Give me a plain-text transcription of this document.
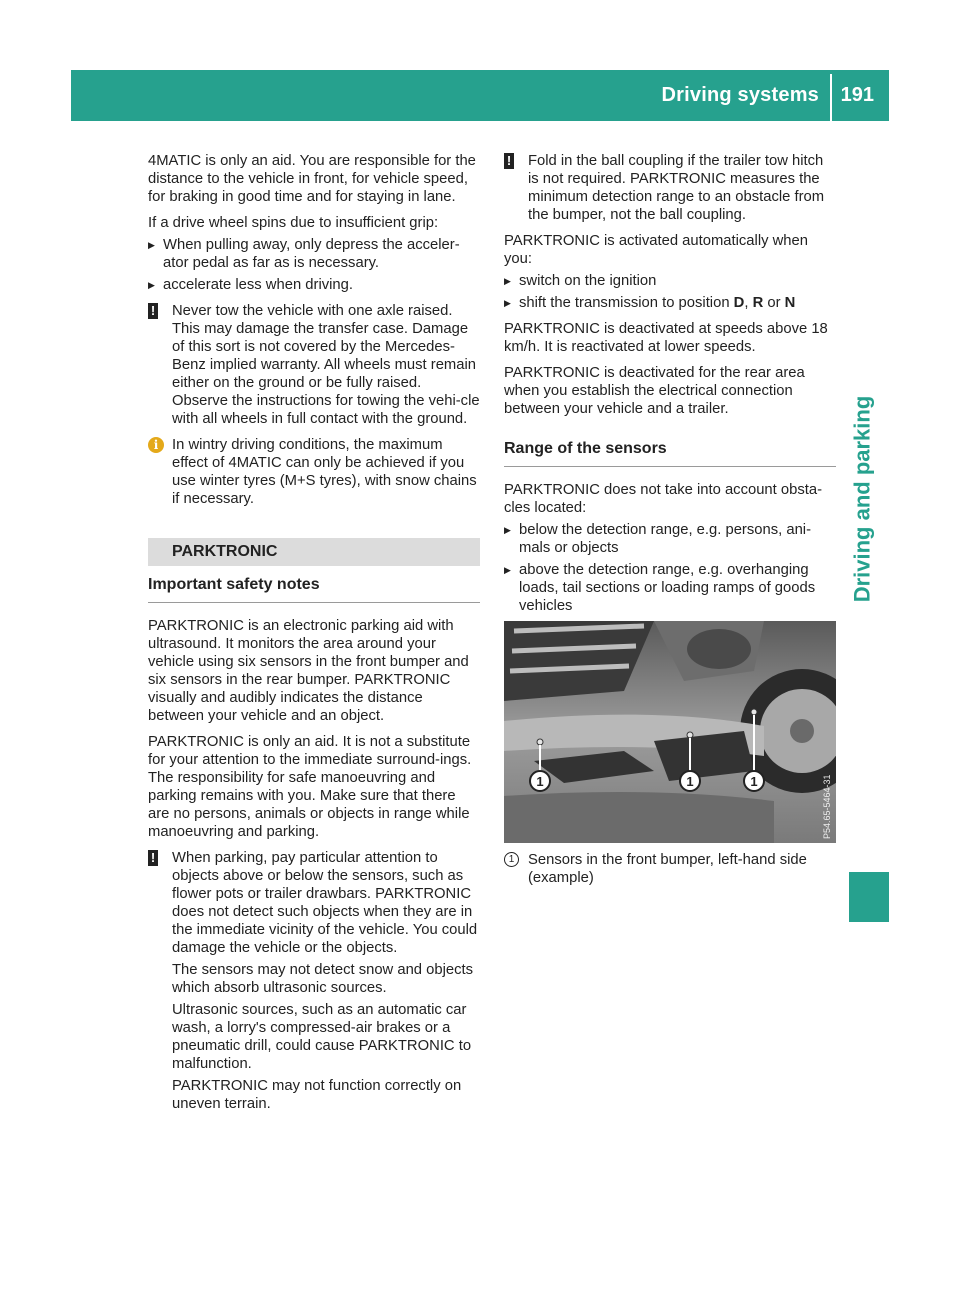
Driving systems 191
Driving and parking

4MATIC is only an aid. You are responsible for the distance to the vehicle in front, for vehicle speed, for braking in good time and for staying in lane.

If a drive wheel spins due to insufficient grip:

▶ When pulling away, only depress the acceler-ator pedal as far as is necessary.
▶ accelerate less when driving.
! Never tow the vehicle with one axle raised. This may damage the transfer case. Damage of this sort is not covered by the Mercedes-Benz implied warranty. All wheels must remain either on the ground or be fully raised. Observe the instructions for towing the vehi-cle with all wheels in full contact with the ground.
i In wintry driving conditions, the maximum effect of 4MATIC can only be achieved if you use winter tyres (M+S tyres), with snow chains if necessary.
PARKTRONIC
Important safety notes

PARKTRONIC is an electronic parking aid with ultrasound. It monitors the area around your vehicle using six sensors in the front bumper and six sensors in the rear bumper. PARKTRONIC visually and audibly indicates the distance between your vehicle and an object.

PARKTRONIC is only an aid. It is not a substitute for your attention to the immediate surround-ings. The responsibility for safe manoeuvring and parking remains with you. Make sure that there are no persons, animals or objects in range while manoeuvring and parking.

! When parking, pay particular attention to objects above or below the sensors, such as flower pots or trailer drawbars. PARKTRONIC does not detect such objects when they are in the immediate vicinity of the vehicle. You could damage the vehicle or the objects.
The sensors may not detect snow and objects which absorb ultrasonic sources.
Ultrasonic sources, such as an automatic car wash, a lorry's compressed-air brakes or a pneumatic drill, could cause PARKTRONIC to malfunction.
PARKTRONIC may not function correctly on uneven terrain.
! Fold in the ball coupling if the trailer tow hitch is not required. PARKTRONIC measures the minimum detection range to an obstacle from the bumper, not the ball coupling.

PARKTRONIC is activated automatically when you:

▶ switch on the ignition
▶ shift the transmission to position D, R or N

PARKTRONIC is deactivated at speeds above 18 km/h. It is reactivated at lower speeds.

PARKTRONIC is deactivated for the rear area when you establish the electrical connection between your vehicle and a trailer.

Range of the sensors

PARKTRONIC does not take into account obsta-cles located:

▶ below the detection range, e.g. persons, ani-mals or objects
▶ above the detection range, e.g. overhanging loads, tail sections or loading ramps of goods vehicles
1	1	1	P54.65-5464-31
1 Sensors in the front bumper, left-hand side (example)
